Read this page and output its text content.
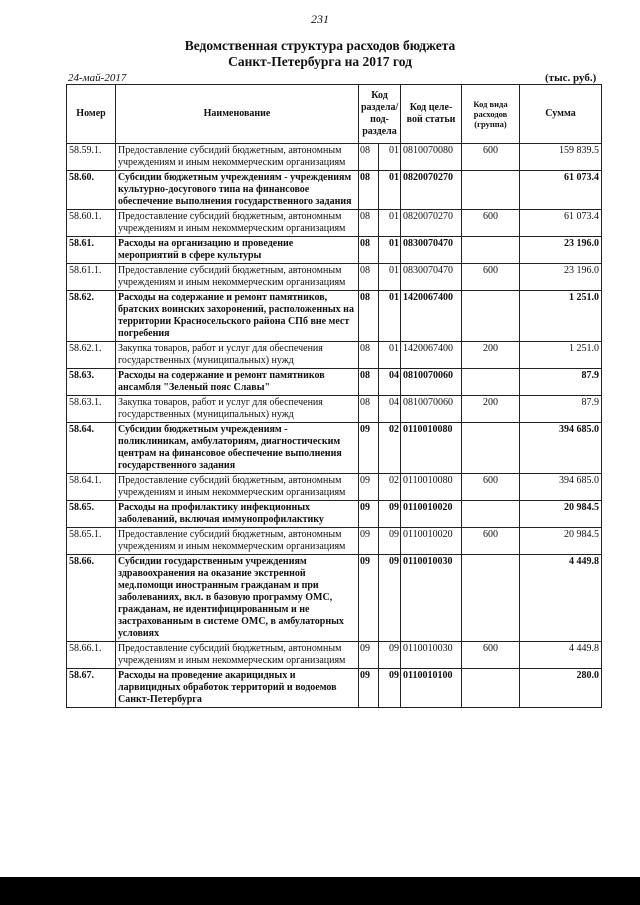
231
Ведомственная структура расходов бюджета
Санкт-Петербурга на 2017 год
24-май-2017	(тыс. руб.)
Номер	Наименование	Код раздела/ под-раздела		Код целе-вой статьи	Код вида расходов (группа)	Сумма
58.59.1.	Предоставление субсидий бюджетным, автономным учреждениям и иным некоммерческим организациям	08	01	0810070080	600	159 839.5
58.60.	Субсидии бюджетным учреждениям - учреждениям культурно-досугового типа на финансовое обеспечение выполнения государственного задания	08	01	0820070270		61 073.4
58.60.1.	Предоставление субсидий бюджетным, автономным учреждениям и иным некоммерческим организациям	08	01	0820070270	600	61 073.4
58.61.	Расходы на организацию и проведение мероприятий в сфере культуры	08	01	0830070470		23 196.0
58.61.1.	Предоставление субсидий бюджетным, автономным учреждениям и иным некоммерческим организациям	08	01	0830070470	600	23 196.0
58.62.	Расходы на содержание и ремонт памятников, братских воинских захоронений, расположенных на территории Красносельского района СПб вне мест погребения	08	01	1420067400		1 251.0
58.62.1.	Закупка товаров, работ и услуг для обеспечения государственных (муниципальных) нужд	08	01	1420067400	200	1 251.0
58.63.	Расходы на содержание и ремонт памятников ансамбля "Зеленый пояс Славы"	08	04	0810070060		87.9
58.63.1.	Закупка товаров, работ и услуг для обеспечения государственных (муниципальных) нужд	08	04	0810070060	200	87.9
58.64.	Субсидии бюджетным учреждениям - поликлиникам, амбулаториям, диагностическим центрам на финансовое обеспечение выполнения государственного задания	09	02	0110010080		394 685.0
58.64.1.	Предоставление субсидий бюджетным, автономным учреждениям и иным некоммерческим организациям	09	02	0110010080	600	394 685.0
58.65.	Расходы на профилактику инфекционных заболеваний, включая иммунопрофилактику	09	09	0110010020		20 984.5
58.65.1.	Предоставление субсидий бюджетным, автономным учреждениям и иным некоммерческим организациям	09	09	0110010020	600	20 984.5
58.66.	Субсидии государственным учреждениям здравоохранения на оказание экстренной мед.помощи иностранным гражданам и при заболеваниях, вкл. в базовую программу ОМС, гражданам, не идентифицированным и не застрахованным в системе ОМС, в амбулаторных условиях	09	09	0110010030		4 449.8
58.66.1.	Предоставление субсидий бюджетным, автономным учреждениям и иным некоммерческим организациям	09	09	0110010030	600	4 449.8
58.67.	Расходы на проведение акарицидных и ларвицидных обработок территорий и водоемов Санкт-Петербурга	09	09	0110010100		280.0
